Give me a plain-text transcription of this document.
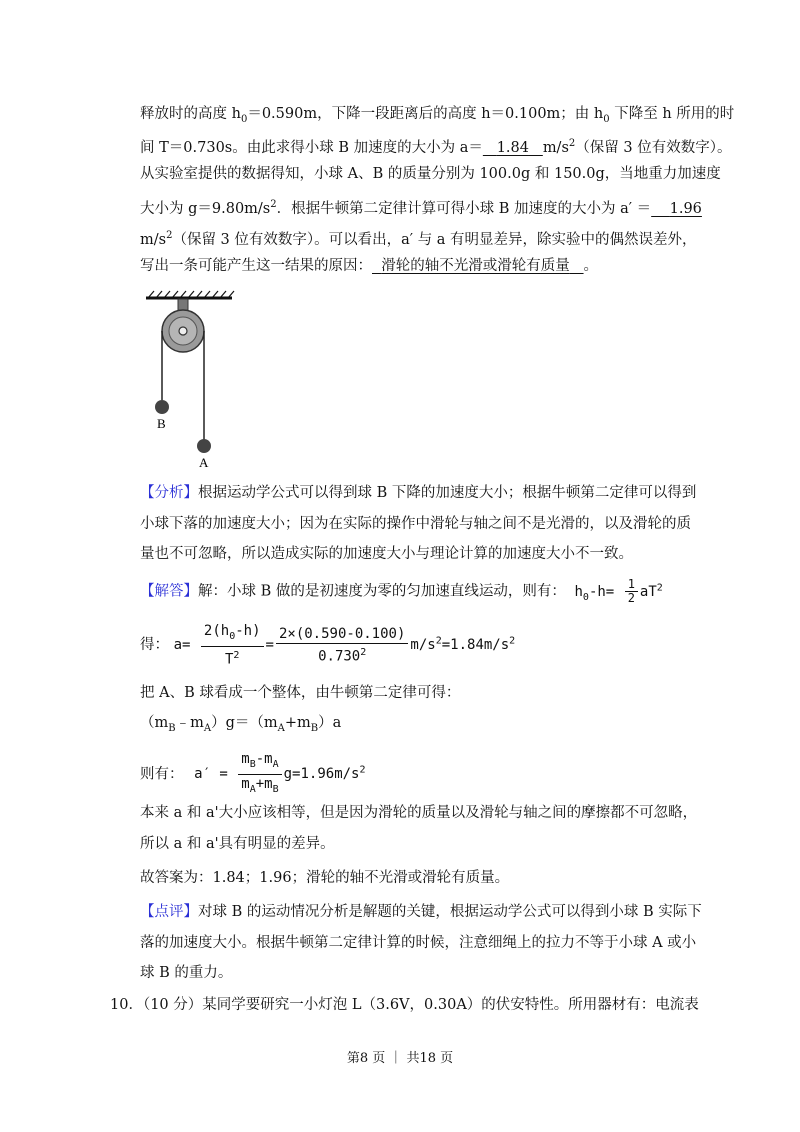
释放时的高度 $h_0=0.590m$，下降一段距离后的高度 h＝0.100m；由 $h_0$ 下降至 h 所用的时
间 T＝0.730s。由此求得小球 B 加速度的大小为 a＝ 1.84 $m/s^2$（保留 3 位有效数字）。
从实验室提供的数据得知，小球 A、B 的质量分别为 100.0g 和 150.0g，当地重力加速度
大小为 $g=9.80m/s^2$．根据牛顿第二定律计算可得小球 B 加速度的大小为 a′ ＝ 1.96
$m/s^2$（保留 3 位有效数字）。可以看出，a′ 与 a 有明显差异，除实验中的偶然误差外，
写出一条可能产生这一结果的原因： 滑轮的轴不光滑或滑轮有质量 。
B
A
【分析】根据运动学公式可以得到球 B 下降的加速度大小；根据牛顿第二定律可以得到
小球下落的加速度大小；因为在实际的操作中滑轮与轴之间不是光滑的，以及滑轮的质
量也不可忽略，所以造成实际的加速度大小与理论计算的加速度大小不一致。
【解答】解：小球 B 做的是初速度为零的匀加速直线运动，则有： $h_0-h= \frac{1}{2} aT^2$
得： $a= \frac{2(h_0-h)}{T^2} = \frac{2\times(0.590-0.100)}{0.730^2} m/s^2=1.84m/s^2$
把 A、B 球看成一个整体，由牛顿第二定律可得：
$(m_B﹣m_A)g=(m_A+m_B)a$
则有： $a' = \frac{m_B-m_A}{m_A+m_B} g=1.96m/s^2$
本来 a 和 a'大小应该相等，但是因为滑轮的质量以及滑轮与轴之间的摩擦都不可忽略，
所以 a 和 a'具有明显的差异。
故答案为：1.84；1.96；滑轮的轴不光滑或滑轮有质量。
【点评】对球 B 的运动情况分析是解题的关键，根据运动学公式可以得到小球 B 实际下
落的加速度大小。根据牛顿第二定律计算的时候，注意细绳上的拉力不等于小球 A 或小
球 B 的重力。
10．（10 分）某同学要研究一小灯泡 L（3.6V，0.30A）的伏安特性。所用器材有：电流表
第8 页 ｜ 共18 页
